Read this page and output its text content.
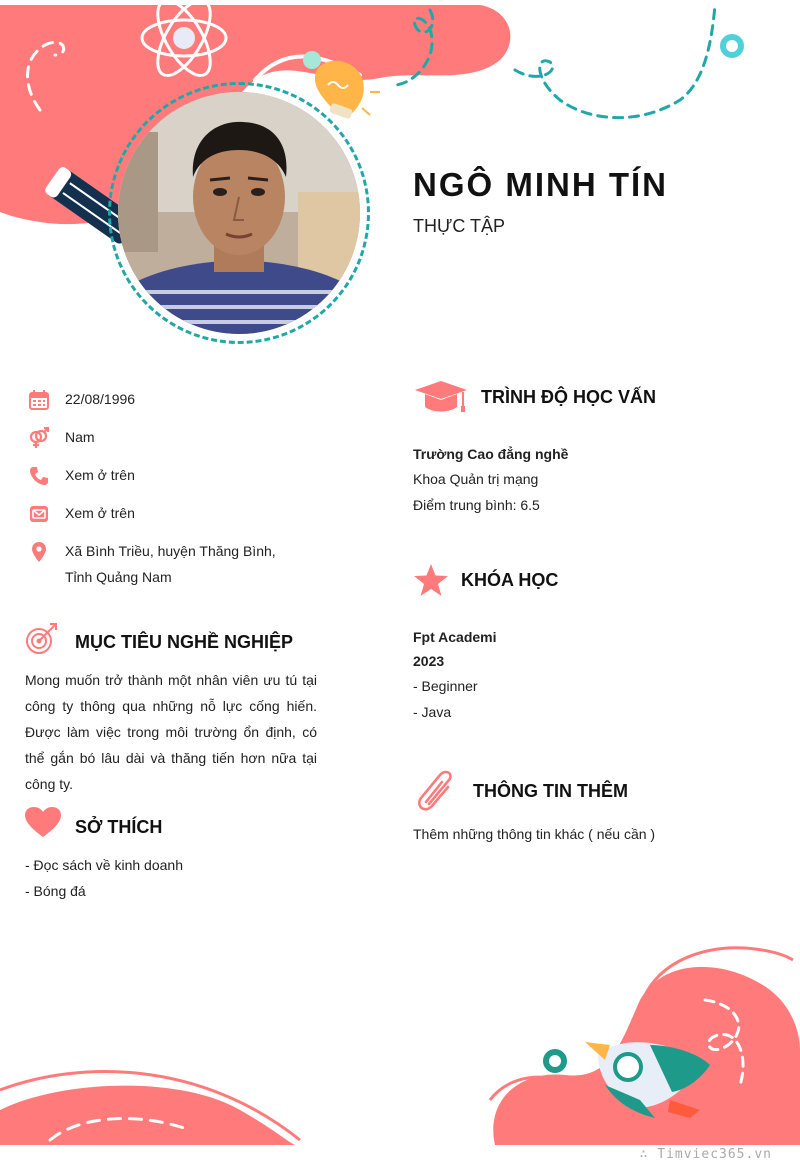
NGÔ MINH TÍN
THỰC TẬP
22/08/1996
Nam
Xem ở trên
Xem ở trên
Xã Bình Triều, huyện Thăng Bình, Tỉnh Quảng Nam
MỤC TIÊU NGHỀ NGHIỆP
Mong muốn trở thành một nhân viên ưu tú tại công ty thông qua những nỗ lực cống hiến. Được làm việc trong môi trường ổn định, có thể gắn bó lâu dài và thăng tiến hơn nữa tại công ty.
SỞ THÍCH
- Đọc sách về kinh doanh
- Bóng đá
TRÌNH ĐỘ HỌC VẤN
Trường Cao đẳng nghề
Khoa Quản trị mạng
Điểm trung bình: 6.5
KHÓA HỌC
Fpt Academi
2023
- Beginner
- Java
THÔNG TIN THÊM
Thêm những thông tin khác ( nếu cần )
∴ Timviec365.vn
